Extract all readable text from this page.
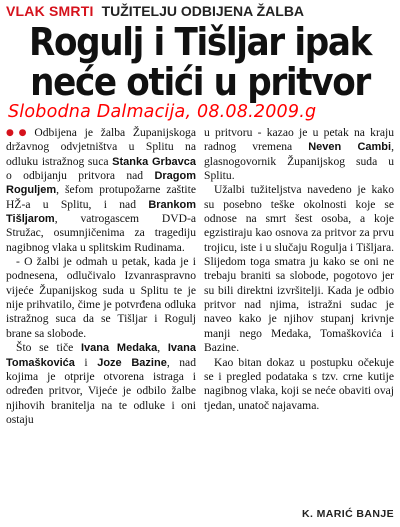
VLAK SMRTI TUŽITELJU ODBIJENA ŽALBA
Rogulj i Tišljar ipak
neće otići u pritvor

Slobodna Dalmacija, 08.08.2009.g

●● Odbijena je žalba Županijskoga državnog odvjetništva u Splitu na odluku istražnog suca Stanka Grbavca o odbijanju pritvora nad Dragom Roguljem, šefom protupožarne zaštite HŽ-a u Splitu, i nad Brankom Tišljarom, vatrogascem DVD-a Stružac, osumnjičenima za tragediju nagibnog vlaka u splitskim Rudinama.

- O žalbi je odmah u petak, kada je i podnesena, odlučivalo Izvanraspravno vijeće Županijskog suda u Splitu te je nije prihvatilo, čime je potvrđena odluka istražnog suca da se Tišljar i Rogulj brane sa slobode.

Što se tiče Ivana Medaka, Ivana Tomaškovića i Joze Bazine, nad kojima je otprije otvorena istraga i određen pritvor, Vijeće je odbilo žalbe njihovih branitelja na te odluke i oni ostaju

u pritvoru - kazao je u petak na kraju radnog vremena Neven Cambi, glasnogovornik Županijskog suda u Splitu.

Užalbi tužiteljstva navedeno je kako su posebno teške okolnosti koje se odnose na smrt šest osoba, a koje egzistiraju kao osnova za pritvor za prvu trojicu, iste i u slučaju Rogulja i Tišljara. Slijedom toga smatra ju kako se oni ne trebaju braniti sa slobode, pogotovo jer su bili direktni izvršitelji. Kada je odbio pritvor nad njima, istražni sudac je naveo kako je njihov stupanj krivnje manji nego Medaka, Tomaškovića i Bazine.

Kao bitan dokaz u postupku očekuje se i pregled podataka s tzv. crne kutije nagibnog vlaka, koji se neće obaviti ovaj tjedan, unatoč najavama.

K. MARIĆ BANJE
